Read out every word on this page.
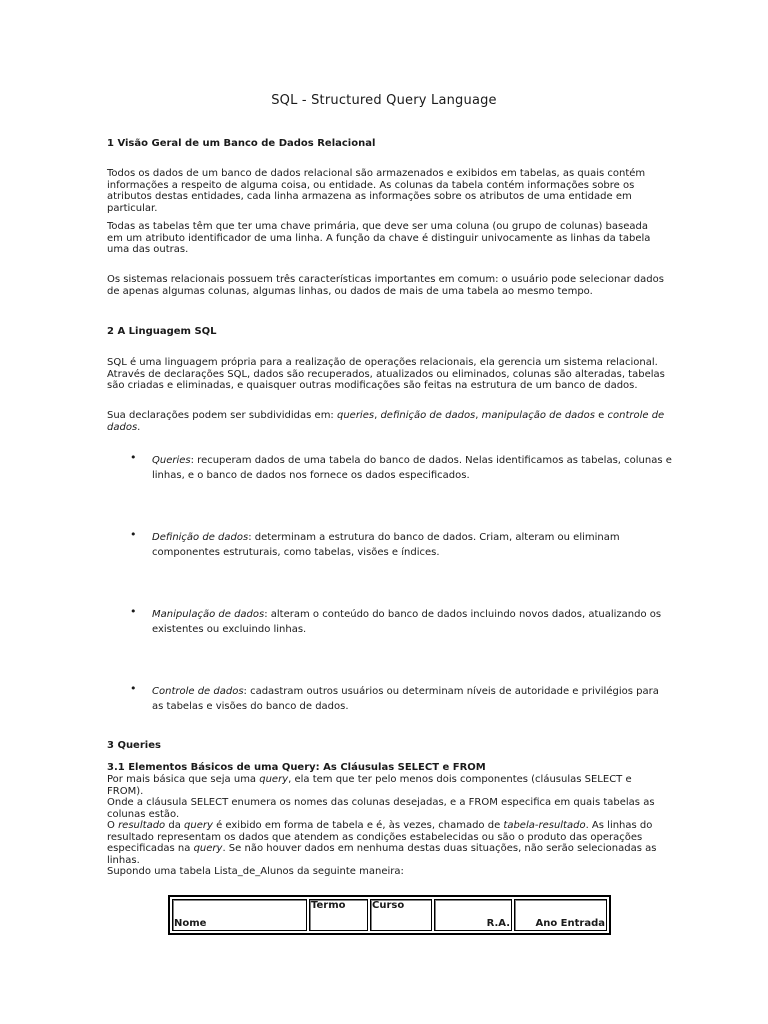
SQL - Structured Query Language
1 Visão Geral de um Banco de Dados Relacional
Todos os dados de um banco de dados relacional são armazenados e exibidos em tabelas, as quais contém informações a respeito de alguma coisa, ou entidade. As colunas da tabela contém informações sobre os atributos destas entidades, cada linha armazena as informações sobre os atributos de uma entidade em particular.
Todas as tabelas têm que ter uma chave primária, que deve ser uma coluna (ou grupo de colunas) baseada em um atributo identificador de uma linha. A função da chave é distinguir univocamente as linhas da tabela uma das outras.
Os sistemas relacionais possuem três características importantes em comum: o usuário pode selecionar dados de apenas algumas colunas, algumas linhas, ou dados de mais de uma tabela ao mesmo tempo.
2 A Linguagem SQL
SQL é uma linguagem própria para a realização de operações relacionais, ela gerencia um sistema relacional. Através de declarações SQL, dados são recuperados, atualizados ou eliminados, colunas são alteradas, tabelas são criadas e eliminadas, e quaisquer outras modificações são feitas na estrutura de um banco de dados.
Sua declarações podem ser subdivididas em: queries, definição de dados, manipulação de dados e controle de dados.
• Queries: recuperam dados de uma tabela do banco de dados. Nelas identificamos as tabelas, colunas e linhas, e o banco de dados nos fornece os dados especificados.
• Definição de dados: determinam a estrutura do banco de dados. Criam, alteram ou eliminam componentes estruturais, como tabelas, visões e índices.
• Manipulação de dados: alteram o conteúdo do banco de dados incluindo novos dados, atualizando os existentes ou excluindo linhas.
• Controle de dados: cadastram outros usuários ou determinam níveis de autoridade e privilégios para as tabelas e visões do banco de dados.
3 Queries
3.1 Elementos Básicos de uma Query: As Cláusulas SELECT e FROM
Por mais básica que seja uma query, ela tem que ter pelo menos dois componentes (cláusulas SELECT e FROM).
Onde a cláusula SELECT enumera os nomes das colunas desejadas, e a FROM especifica em quais tabelas as colunas estão.
O resultado da query é exibido em forma de tabela e é, às vezes, chamado de tabela-resultado. As linhas do resultado representam os dados que atendem as condições estabelecidas ou são o produto das operações especificadas na query. Se não houver dados em nenhuma destas duas situações, não serão selecionadas as linhas.
Supondo uma tabela Lista_de_Alunos da seguinte maneira:
Nome	Termo	Curso	R.A.	Ano Entrada
